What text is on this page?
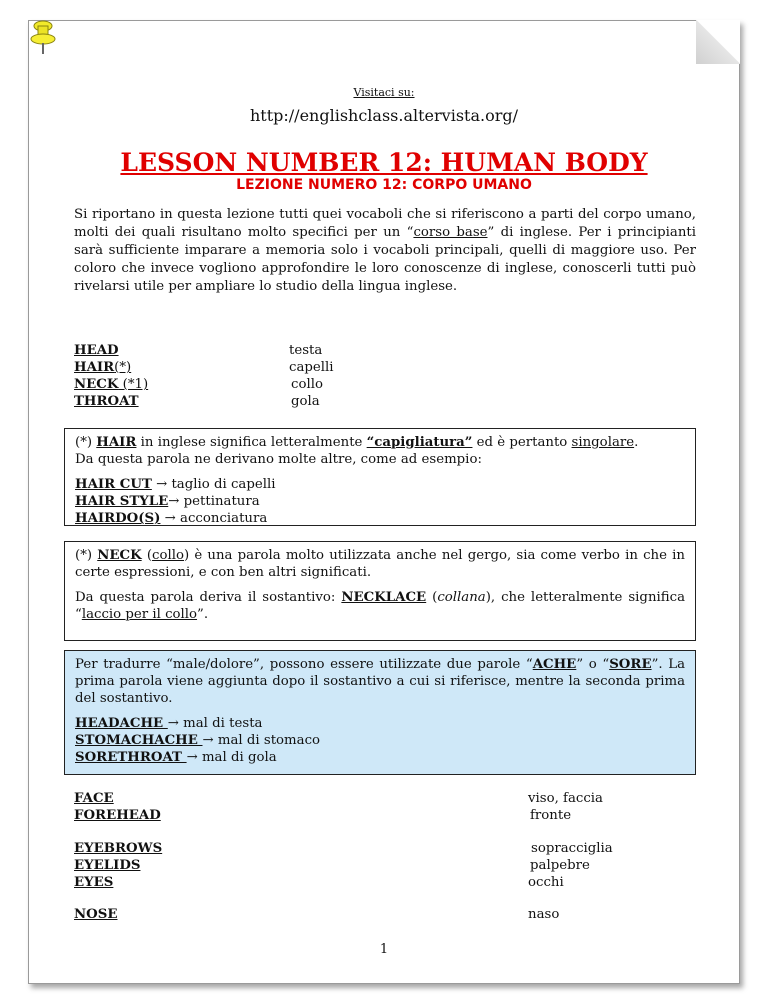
Visitaci su:
http://englishclass.altervista.org/
LESSON NUMBER 12: HUMAN BODY
LEZIONE NUMERO 12: CORPO UMANO
Si riportano in questa lezione tutti quei vocaboli che si riferiscono a parti del corpo umano, molti dei quali risultano molto specifici per un “corso base” di inglese. Per i principianti sarà sufficiente imparare a memoria solo i vocaboli principali, quelli di maggiore uso. Per coloro che invece vogliono approfondire le loro conoscenze di inglese, conoscerli tutti può rivelarsi utile per ampliare lo studio della lingua inglese.
HEAD	testa
HAIR(*)	capelli
NECK (*1)	collo
THROAT	gola

(*) HAIR in inglese significa letteralmente “capigliatura” ed è pertanto singolare.

Da questa parola ne derivano molte altre, come ad esempio:

HAIR CUT → taglio di capelli

HAIR STYLE→ pettinatura

HAIRDO(S) → acconciatura

(*) NECK (collo) è una parola molto utilizzata anche nel gergo, sia come verbo in che in certe espressioni, e con ben altri significati.

Da questa parola deriva il sostantivo: NECKLACE (collana), che letteralmente significa “laccio per il collo”.

Per tradurre “male/dolore”, possono essere utilizzate due parole “ACHE” o “SORE”. La prima parola viene aggiunta dopo il sostantivo a cui si riferisce, mentre la seconda prima del sostantivo.

HEADACHE → mal di testa

STOMACHACHE → mal di stomaco

SORETHROAT → mal di gola

FACE	viso, faccia
FOREHEAD	fronte
EYEBROWS	sopracciglia
EYELIDS	palpebre
EYES	occhi
NOSE	naso
1
